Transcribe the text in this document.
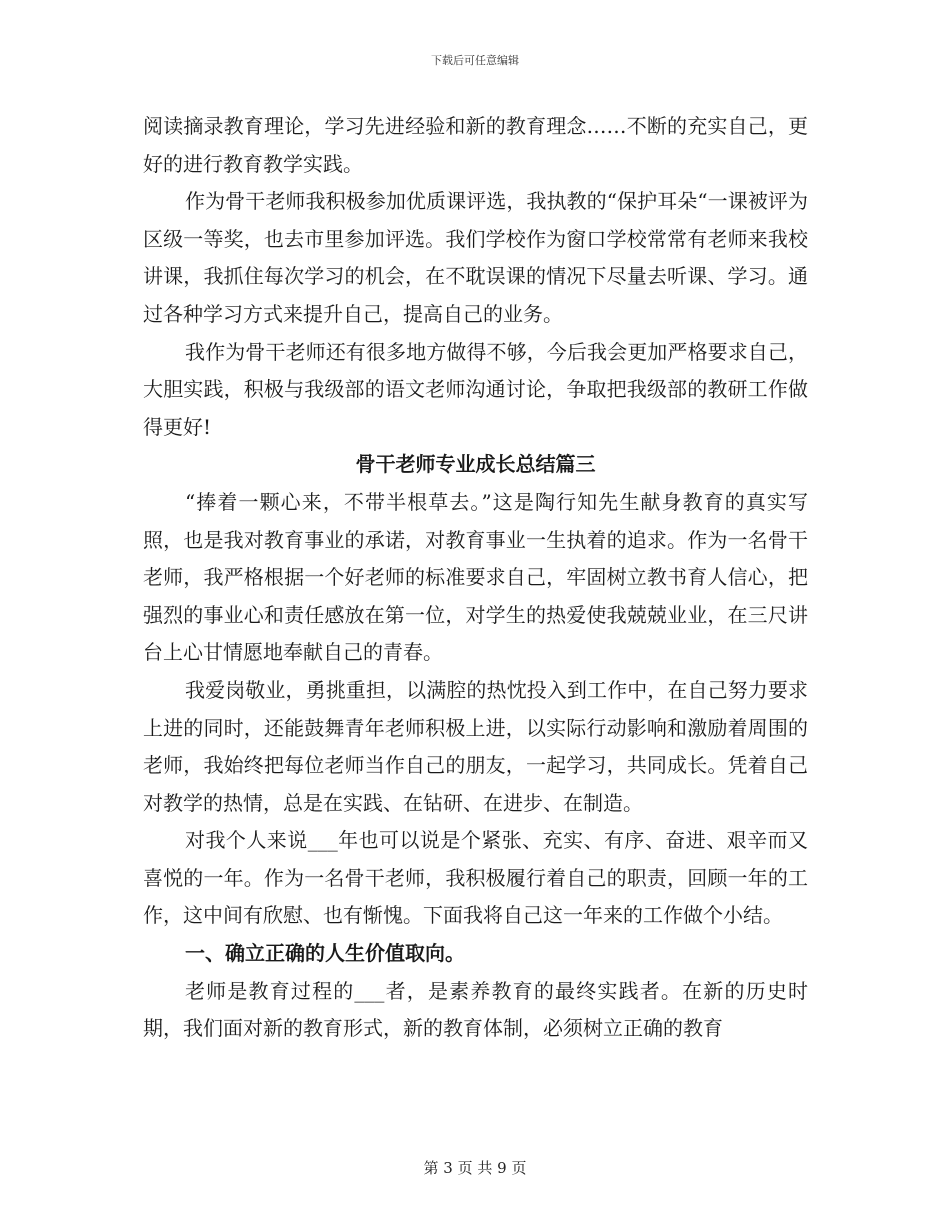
下载后可任意编辑

阅读摘录教育理论，学习先进经验和新的教育理念……不断的充实自己，更好的进行教育教学实践。

作为骨干老师我积极参加优质课评选，我执教的“保护耳朵“一课被评为区级一等奖，也去市里参加评选。我们学校作为窗口学校常常有老师来我校讲课，我抓住每次学习的机会，在不耽误课的情况下尽量去听课、学习。通过各种学习方式来提升自己，提高自己的业务。

我作为骨干老师还有很多地方做得不够，今后我会更加严格要求自己，大胆实践，积极与我级部的语文老师沟通讨论，争取把我级部的教研工作做得更好!

骨干老师专业成长总结篇三

“捧着一颗心来，不带半根草去。”这是陶行知先生献身教育的真实写照，也是我对教育事业的承诺，对教育事业一生执着的追求。作为一名骨干老师，我严格根据一个好老师的标准要求自己，牢固树立教书育人信心，把强烈的事业心和责任感放在第一位，对学生的热爱使我兢兢业业，在三尺讲台上心甘情愿地奉献自己的青春。

我爱岗敬业，勇挑重担，以满腔的热忱投入到工作中，在自己努力要求上进的同时，还能鼓舞青年老师积极上进，以实际行动影响和激励着周围的老师，我始终把每位老师当作自己的朋友，一起学习，共同成长。凭着自己对教学的热情，总是在实践、在钻研、在进步、在制造。

对我个人来说___年也可以说是个紧张、充实、有序、奋进、艰辛而又喜悦的一年。作为一名骨干老师，我积极履行着自己的职责，回顾一年的工作，这中间有欣慰、也有惭愧。下面我将自己这一年来的工作做个小结。

一、确立正确的人生价值取向。

老师是教育过程的___者，是素养教育的最终实践者。在新的历史时期，我们面对新的教育形式，新的教育体制，必须树立正确的教育

第 3 页 共 9 页
